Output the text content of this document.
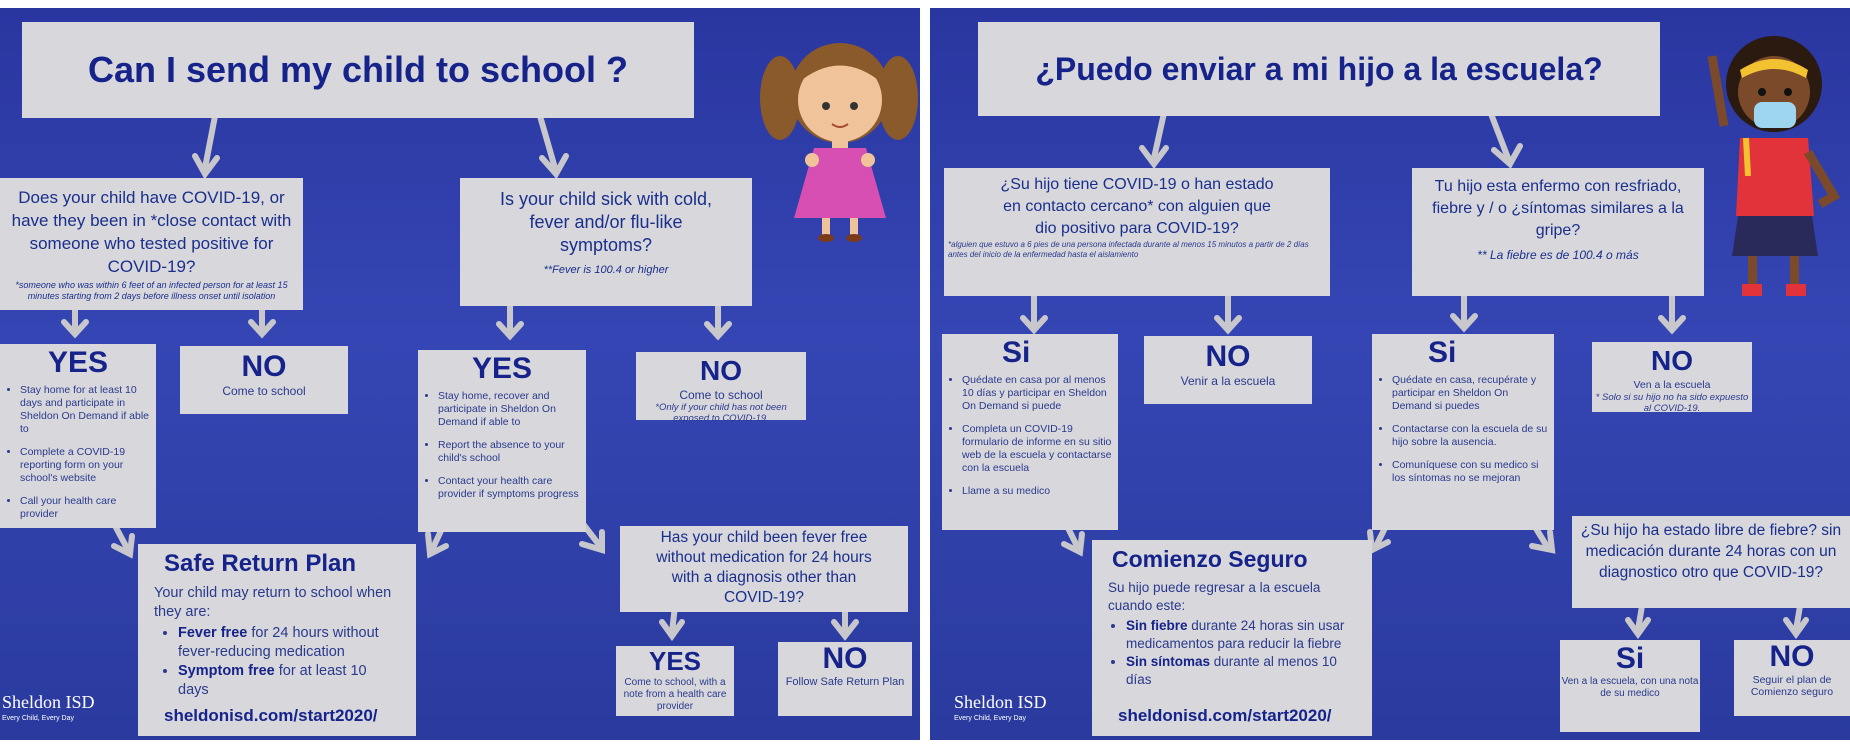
Can I send my child to school ?
Does your child have COVID-19, or have they been in *close contact with someone who tested positive for COVID-19?
*someone who was within 6 feet of an infected person for at least 15 minutes starting from 2 days before illness onset until isolation
Is your child sick with cold, fever and/or flu-like symptoms?
**Fever is 100.4 or higher
YES
• Stay home for at least 10 days and participate in Sheldon On Demand if able to
• Complete a COVID-19 reporting form on your school's website
• Call your health care provider
NO
Come to school
YES
• Stay home, recover and participate in Sheldon On Demand if able to
• Report the absence to your child's school
• Contact your health care provider if symptoms progress
NO
Come to school
*Only if your child has not been exposed to COVID-19.
Has your child been fever free without medication for 24 hours with a diagnosis other than COVID-19?
YES
Come to school, with a note from a health care provider
NO
Follow Safe Return Plan
Safe Return Plan
Your child may return to school when they are:
• Fever free for 24 hours without fever-reducing medication
• Symptom free for at least 10 days
sheldonisd.com/start2020/
Sheldon ISD
Every Child, Every Day
¿Puedo enviar a mi hijo a la escuela?
¿Su hijo tiene COVID-19 o han estado en contacto cercano* con alguien que dio positivo para COVID-19?
*alguien que estuvo a 6 pies de una persona infectada durante al menos 15 minutos a partir de 2 días antes del inicio de la enfermedad hasta el aislamiento
Tu hijo esta enfermo con resfriado, fiebre y / o ¿síntomas similares a la gripe?
** La fiebre es de 100.4 o más
Si
• Quédate en casa por al menos 10 días y participar en Sheldon On Demand si puede
• Completa un COVID-19 formulario de informe en su sitio web de la escuela y contactarse con la escuela
• Llame a su medico
NO
Venir a la escuela
Si
• Quédate en casa, recupérate y participar en Sheldon On Demand si puedes
• Contactarse con la escuela de su hijo sobre la ausencia.
• Comuníquese con su medico si los síntomas no se mejoran
NO
Ven a la escuela
* Solo si su hijo no ha sido expuesto al COVID-19.
¿Su hijo ha estado libre de fiebre? sin medicación durante 24 horas con un diagnostico otro que COVID-19?
Si
Ven a la escuela, con una nota de su medico
NO
Seguir el plan de Comienzo seguro
Comienzo Seguro
Su hijo puede regresar a la escuela cuando este:
• Sin fiebre durante 24 horas sin usar medicamentos para reducir la fiebre
• Sin síntomas durante al menos 10 días
sheldonisd.com/start2020/
Sheldon ISD
Every Child, Every Day
